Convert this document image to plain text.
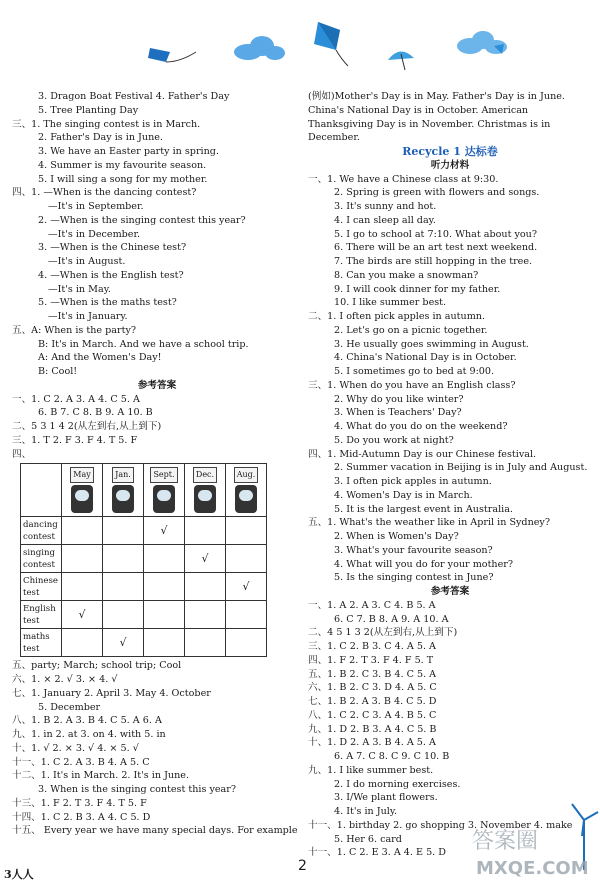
3. Dragon Boat Festival 4. Father's Day
5. Tree Planting Day
三、1. The singing contest is in March.
2. Father's Day is in June.
3. We have an Easter party in spring.
4. Summer is my favourite season.
5. I will sing a song for my mother.
四、1. —When is the dancing contest?
—It's in September.
2. —When is the singing contest this year?
—It's in December.
3. —When is the Chinese test?
—It's in August.
4. —When is the English test?
—It's in May.
5. —When is the maths test?
—It's in January.
五、A: When is the party?
B: It's in March. And we have a school trip.
A: And the Women's Day!
B: Cool!
参考答案
一、1. C 2. A 3. A 4. C 5. A
6. B 7. C 8. B 9. A 10. B
二、5 3 1 4 2(从左到右,从上到下)
三、1. T 2. F 3. F 4. T 5. F
四、
	May	Jan.	Sept.	Dec.	Aug.

dancing contest			√		
singing contest				√	
Chinese test					√
English test	√				
maths test		√			
五、party; March; school trip; Cool
六、1. × 2. √ 3. × 4. √
七、1. January 2. April 3. May 4. October
5. December
八、1. B 2. A 3. B 4. C 5. A 6. A
九、1. in 2. at 3. on 4. with 5. in
十、1. √ 2. × 3. √ 4. × 5. √
十一、1. C 2. A 3. B 4. A 5. C
十二、1. It's in March. 2. It's in June.
3. When is the singing contest this year?
十三、1. F 2. T 3. F 4. T 5. F
十四、1. C 2. B 3. A 4. C 5. D
十五、 Every year we have many special days. For example
(例如)Mother's Day is in May. Father's Day is in June.
China's National Day is in October. American
Thanksgiving Day is in November. Christmas is in
December.
Recycle 1 达标卷
听力材料
一、1. We have a Chinese class at 9:30.
2. Spring is green with flowers and songs.
3. It's sunny and hot.
4. I can sleep all day.
5. I go to school at 7:10. What about you?
6. There will be an art test next weekend.
7. The birds are still hopping in the tree.
8. Can you make a snowman?
9. I will cook dinner for my father.
10. I like summer best.
二、1. I often pick apples in autumn.
2. Let's go on a picnic together.
3. He usually goes swimming in August.
4. China's National Day is in October.
5. I sometimes go to bed at 9:00.
三、1. When do you have an English class?
2. Why do you like winter?
3. When is Teachers' Day?
4. What do you do on the weekend?
5. Do you work at night?
四、1. Mid-Autumn Day is our Chinese festival.
2. Summer vacation in Beijing is in July and August.
3. I often pick apples in autumn.
4. Women's Day is in March.
5. It is the largest event in Australia.
五、1. What's the weather like in April in Sydney?
2. When is Women's Day?
3. What's your favourite season?
4. What will you do for your mother?
5. Is the singing contest in June?
参考答案
一、1. A 2. A 3. C 4. B 5. A
6. C 7. B 8. A 9. A 10. A
二、4 5 1 3 2(从左到右,从上到下)
三、1. C 2. B 3. C 4. A 5. A
四、1. F 2. T 3. F 4. F 5. T
五、1. B 2. C 3. B 4. C 5. A
六、1. B 2. C 3. D 4. A 5. C
七、1. B 2. A 3. B 4. C 5. D
八、1. C 2. C 3. A 4. B 5. C
九、1. D 2. B 3. A 4. C 5. B
十、1. D 2. A 3. B 4. A 5. A
6. A 7. C 8. C 9. C 10. B
九、1. I like summer best.
2. I do morning exercises.
3. I/We plant flowers.
4. It's in July.
十一、1. birthday 2. go shopping 3. November 4. make
5. Her 6. card
十一、1. C 2. E 3. A 4. E 5. D	答案圈
MXQE.COM
2
3人人
